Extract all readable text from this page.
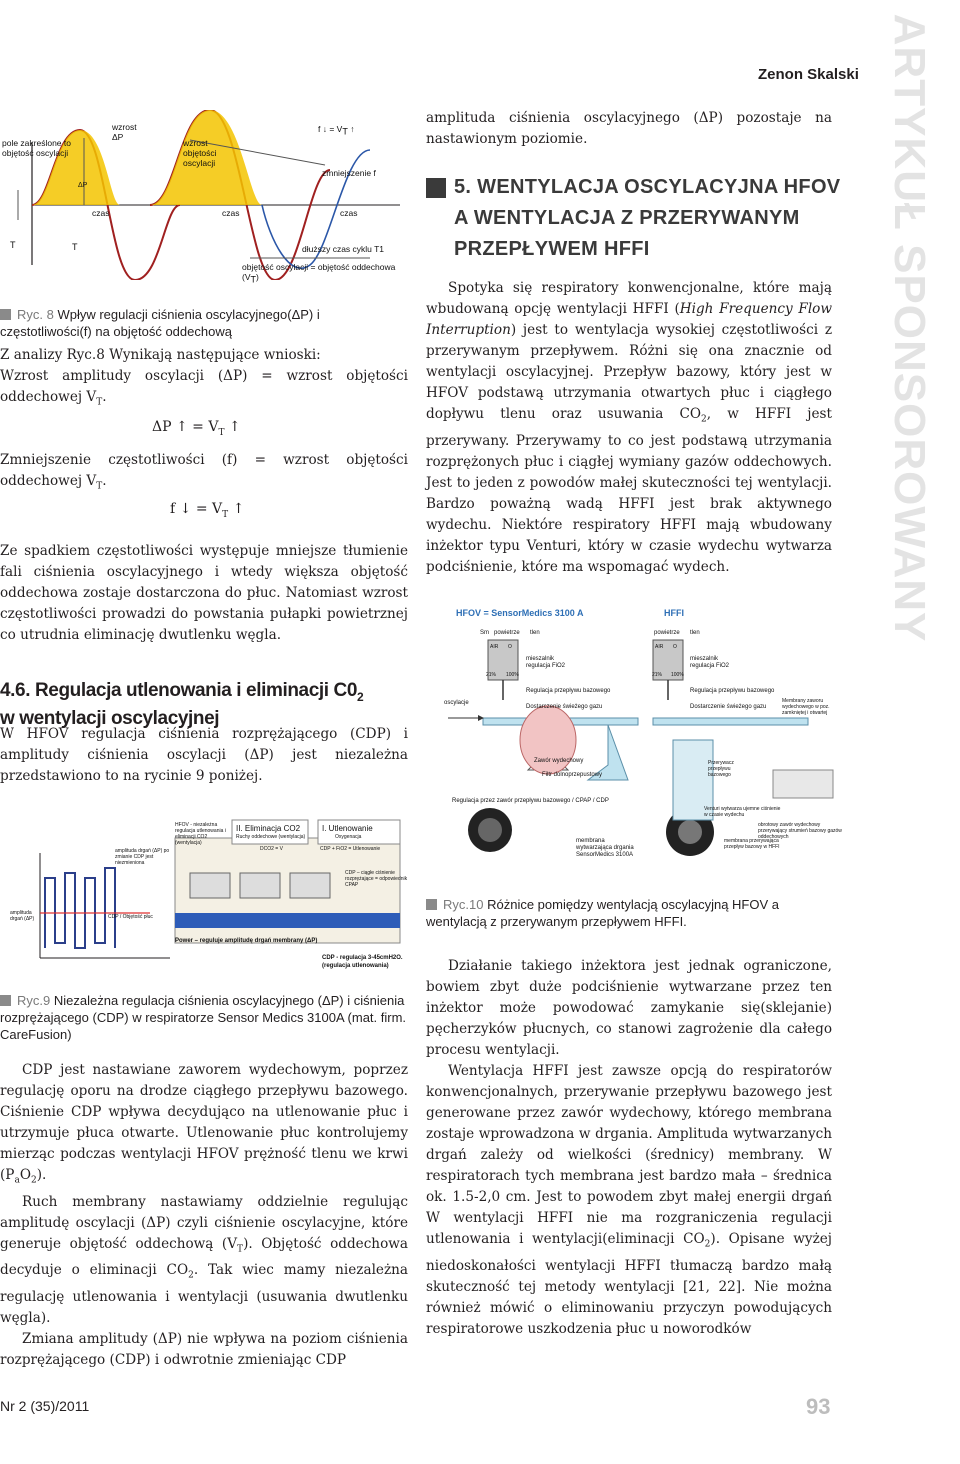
Zenon Skalski ARTYKUŁ SPONSOROWANY
pole zakreślone to
objętość oscylacji
wzrost
ΔP
wzrost
objętości
oscylacji
f ↓ = $V_T$ ↑
zmniejszenie f
ΔP
czas	czas	czas
T	T	dłuższy czas cyklu T1
objętość oscylacji = objętość oddechowa $(V_T)$
Ryc. 8 Wpływ regulacji ciśnienia oscylacyjnego(ΔP) i częstotliwości(f) na objętość oddechową

Z analizy Ryc.8 Wynikają następujące wnioski:

Wzrost amplitudy oscylacji (ΔP) = wzrost objętości oddechowej $V_T$.

ΔP ↑ = $V_T$ ↑

Zmniejszenie częstotliwości (f) = wzrost objętości oddechowej $V_T$.

f ↓ = $V_T$ ↑

Ze spadkiem częstotliwości występuje mniejsze tłumienie fali ciśnienia oscylacyjnego i wtedy większa objętość oddechowa zostaje dostarczona do płuc. Natomiast wzrost częstotliwości prowadzi do powstania pułapki powietrznej co utrudnia eliminację dwutlenku węgla.

4.6. Regulacja utlenowania i eliminacji $C0_2$
w wentylacji oscylacyjnej

W HFOV regulacja ciśnienia rozprężającego (CDP) i amplitudy ciśnienia oscylacji (ΔP) jest niezależna przedstawiono to na rycinie 9 poniżej.

HFOV - niezależna regulacja utlenowania i eliminacji CO2 (wentylacja)
II. Eliminacja CO2
Ruchy oddechowe (wentylacja)
DCO2 = V
I. Utlenowanie
Oxygenacja
CDP + FiO2 = Utlenowanie
amplituda drgań (ΔP) po zmianie CDP jest niezmieniona
CDP – ciągłe ciśnienie rozprężające = odpowiednik CPAP
amplituda drgań (ΔP)	CDP / Objętość płuc
Power – reguluje amplitudę drgań membrany (ΔP)
CDP - regulacja 3-45cmH2O.
(regulacja utlenowania)
Ryc.9 Niezależna regulacja ciśnienia oscylacyjnego (ΔP) i ciśnienia rozprężającego (CDP) w respiratorze Sensor Medics 3100A (mat. firm. CareFusion)

CDP jest nastawiane zaworem wydechowym, poprzez regulację oporu na drodze ciągłego przepływu bazowego. Ciśnienie CDP wpływa decydująco na utlenowanie płuc i utrzymuje płuca otwarte. Utlenowanie płuc kontrolujemy mierząc podczas wentylacji HFOV prężność tlenu we krwi $(P_aO_2)$.

Ruch membrany nastawiamy oddzielnie regulując amplitudę oscylacji (ΔP) czyli ciśnienie oscylacyjne, które generuje objętość oddechową $(V_T)$. Objętość oddechowa decyduje o eliminacji $CO_2$. Tak wiec mamy niezależna regulację utlenowania i wentylacji (usuwania dwutlenku węgla).

Zmiana amplitudy (ΔP) nie wpływa na poziom ciśnienia rozprężającego (CDP) i odwrotnie zmieniając CDP

amplituda ciśnienia oscylacyjnego (ΔP) pozostaje na nastawionym poziomie.

5. WENTYLACJA OSCYLACYJNA HFOV
A WENTYLACJA Z PRZERYWANYM
PRZEPŁYWEM HFFI

Spotyka się respiratory konwencjonalne, które mają wbudowaną opcję wentylacji HFFI (High Frequency Flow Interruption) jest to wentylacja wysokiej częstotliwości z przerywanym przepływem. Różni się ona znacznie od wentylacji oscylacyjnej. Przepływ bazowy, który jest w HFOV podstawą utrzymania otwartych płuc i ciągłego dopływu tlenu oraz usuwania $CO_2$, w HFFI jest przerywany. Przerywamy to co jest podstawą utrzymania rozprężonych płuc i ciągłej wymiany gazów oddechowych. Jest to jeden z powodów małej skuteczności tej wentylacji. Bardzo poważną wadą HFFI jest brak aktywnego wydechu. Niektóre respiratory HFFI mają wbudowany inżektor typu Venturi, który w czasie wydechu wytwarza podciśnienie, które ma wspomagać wydech.

HFOV = SensorMedics 3100 A	HFFI
Sm powietrze tlen	powietrze tlen
AIR O	AIR O
21% 100%	21% 100%
mieszalnik
regulacja FiO2
mieszalnik
regulacja FiO2
Regulacja przepływu bazowego	Regulacja przepływu bazowego
Dostarczenie świeżego gazu	Dostarczenie świeżego gazu
oscylacje
Zawór wydechowy
Filtr dolnoprzepustowy
Regulacja przez zawór przepływu bazowego / CPAP / CDP
membrana wytwarzająca drgania SensorMedics 3100A
Przerywacz przepływu bazowego
Venturi wytwarza ujemne ciśnienie w czasie wydechu
Membrany zaworu wydechowego w poz. zamkniętej i otwartej
obrotowy zawór wydechowy przerywający strumień bazowy gazów oddechowych
membrana przerywająca przepływ bazowy w HFFI
Ryc.10 Różnice pomiędzy wentylacją oscylacyjną HFOV a wentylacją z przerywanym przepływem HFFI.

Działanie takiego inżektora jest jednak ograniczone, bowiem zbyt duże podciśnienie wytwarzane przez ten inżektor może powodować zamykanie się(sklejanie) pęcherzyków płucnych, co stanowi zagrożenie dla całego procesu wentylacji.

Wentylacja HFFI jest zawsze opcją do respiratorów konwencjonalnych, przerywanie przepływu bazowego jest generowane przez zawór wydechowy, którego membrana zostaje wprowadzona w drgania. Amplituda wytwarzanych drgań zależy od wielkości (średnicy) membrany. W respiratorach tych membrana jest bardzo mała – średnica ok. 1.5-2,0 cm. Jest to powodem zbyt małej energii drgań W wentylacji HFFI nie ma rozgraniczenia regulacji utlenowania i wentylacji(eliminacji $CO_2$). Opisane wyżej niedoskonałości wentylacji HFFI tłumaczą bardzo małą skuteczność tej metody wentylacji [21, 22]. Nie można również mówić o eliminowaniu przyczyn powodujących respiratorowe uszkodzenia płuc u noworodków

Nr 2 (35)/2011	93
